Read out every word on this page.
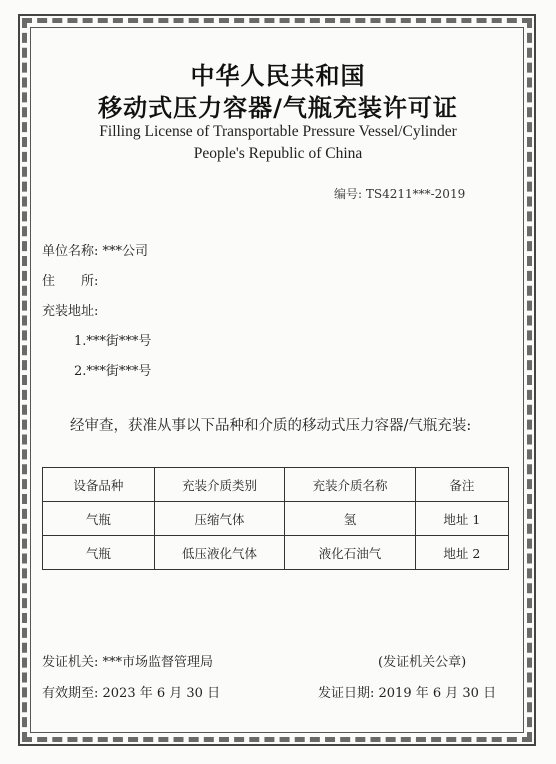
中华人民共和国
移动式压力容器/气瓶充装许可证
Filling License of Transportable Pressure Vessel/Cylinder
People's Republic of China
编号: TS4211***-2019
单位名称: ***公司
住　　所:
充装地址:
1.***街***号
2.***街***号
经审查，获准从事以下品种和介质的移动式压力容器/气瓶充装:
设备品种	充装介质类别	充装介质名称	备注
气瓶	压缩气体	氢	地址 1
气瓶	低压液化气体	液化石油气	地址 2
发证机关: ***市场监督管理局	(发证机关公章)
有效期至: 2023 年 6 月 30 日	发证日期: 2019 年 6 月 30 日
